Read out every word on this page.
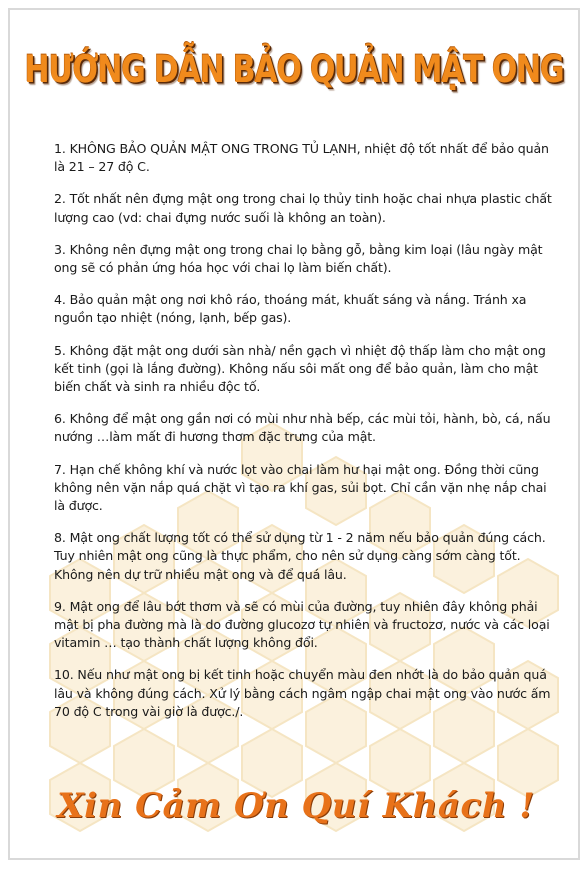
HƯỚNG DẪN BẢO QUẢN MẬT ONG
1. KHÔNG BẢO QUẢN MẬT ONG TRONG TỦ LẠNH, nhiệt độ tốt nhất để bảo quản là 21 – 27 độ C.
2. Tốt nhất nên đựng mật ong trong chai lọ thủy tinh hoặc chai nhựa plastic chất lượng cao (vd: chai đựng nước suối là không an toàn).
3. Không nên đựng mật ong trong chai lọ bằng gỗ, bằng kim loại (lâu ngày mật ong sẽ có phản ứng hóa học với chai lọ làm biến chất).
4. Bảo quản mật ong nơi khô ráo, thoáng mát, khuất sáng và nắng. Tránh xa nguồn tạo nhiệt (nóng, lạnh, bếp gas).
5. Không đặt mật ong dưới sàn nhà/ nền gạch vì nhiệt độ thấp làm cho mật ong kết tinh (gọi là lắng đường). Không nấu sôi mất ong để bảo quản, làm cho mật biến chất và sinh ra nhiều độc tố.
6. Không để mật ong gần nơi có mùi như nhà bếp, các mùi tỏi, hành, bò, cá, nấu nướng …làm mất đi hương thơm đặc trưng của mật.
7. Hạn chế không khí và nước lọt vào chai làm hư hại mật ong. Đồng thời cũng không nên vặn nắp quá chặt vì tạo ra khí gas, sủi bọt. Chỉ cần vặn nhẹ nắp chai là được.
8. Mật ong chất lượng tốt có thể sử dụng từ 1 - 2 năm nếu bảo quản đúng cách. Tuy nhiên mật ong cũng là thực phẩm, cho nên sử dụng càng sớm càng tốt. Không nên dự trữ nhiều mật ong và để quá lâu.
9. Mật ong để lâu bớt thơm và sẽ có mùi của đường, tuy nhiên đây không phải mật bị pha đường mà là do đường glucozơ tự nhiên và fructozơ, nước và các loại vitamin … tạo thành chất lượng không đổi.
10. Nếu như mật ong bị kết tinh hoặc chuyển màu đen nhớt là do bảo quản quá lâu và không đúng cách. Xử lý bằng cách ngâm ngập chai mật ong vào nước ấm 70 độ C trong vài giờ là được./.
Xin Cảm Ơn Quí Khách !
